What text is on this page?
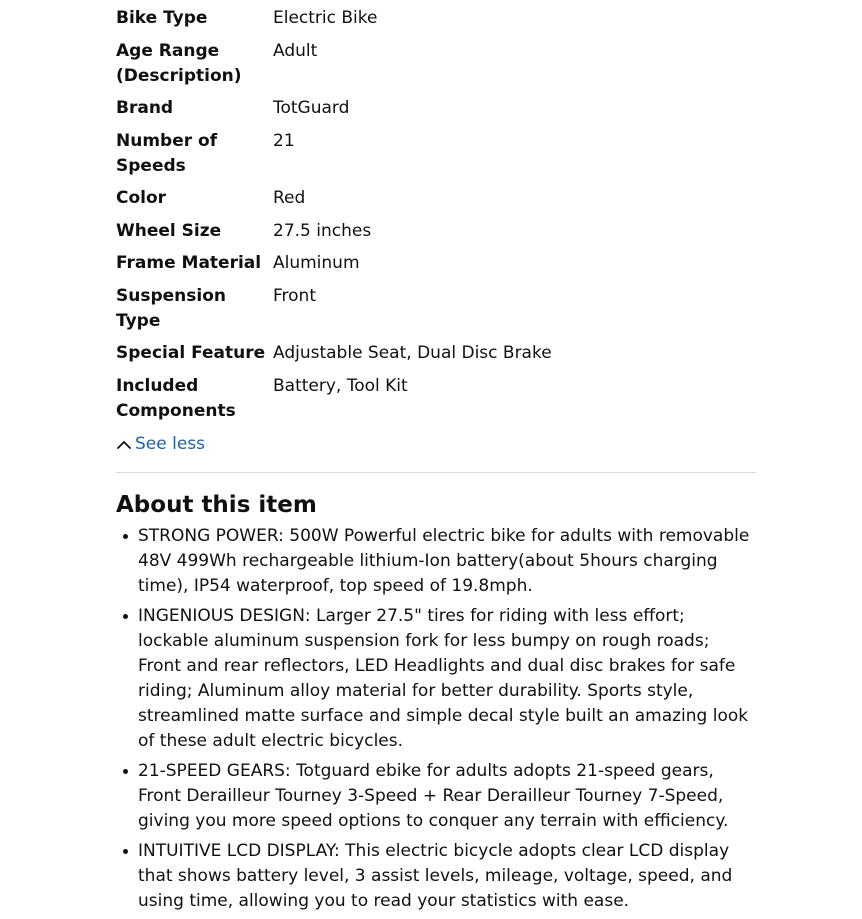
Bike Type	Electric Bike
Age Range (Description)	Adult
Brand	TotGuard
Number of Speeds	21
Color	Red
Wheel Size	27.5 inches
Frame Material	Aluminum
Suspension Type	Front
Special Feature	Adjustable Seat, Dual Disc Brake
Included Components	Battery, Tool Kit
See less
About this item
STRONG POWER: 500W Powerful electric bike for adults with removable 48V 499Wh rechargeable lithium-Ion battery(about 5hours charging time), IP54 waterproof, top speed of 19.8mph.
INGENIOUS DESIGN: Larger 27.5" tires for riding with less effort; lockable aluminum suspension fork for less bumpy on rough roads; Front and rear reflectors, LED Headlights and dual disc brakes for safe riding; Aluminum alloy material for better durability. Sports style, streamlined matte surface and simple decal style built an amazing look of these adult electric bicycles.
21-SPEED GEARS: Totguard ebike for adults adopts 21-speed gears, Front Derailleur Tourney 3-Speed + Rear Derailleur Tourney 7-Speed, giving you more speed options to conquer any terrain with efficiency.
INTUITIVE LCD DISPLAY: This electric bicycle adopts clear LCD display that shows battery level, 3 assist levels, mileage, voltage, speed, and using time, allowing you to read your statistics with ease.
